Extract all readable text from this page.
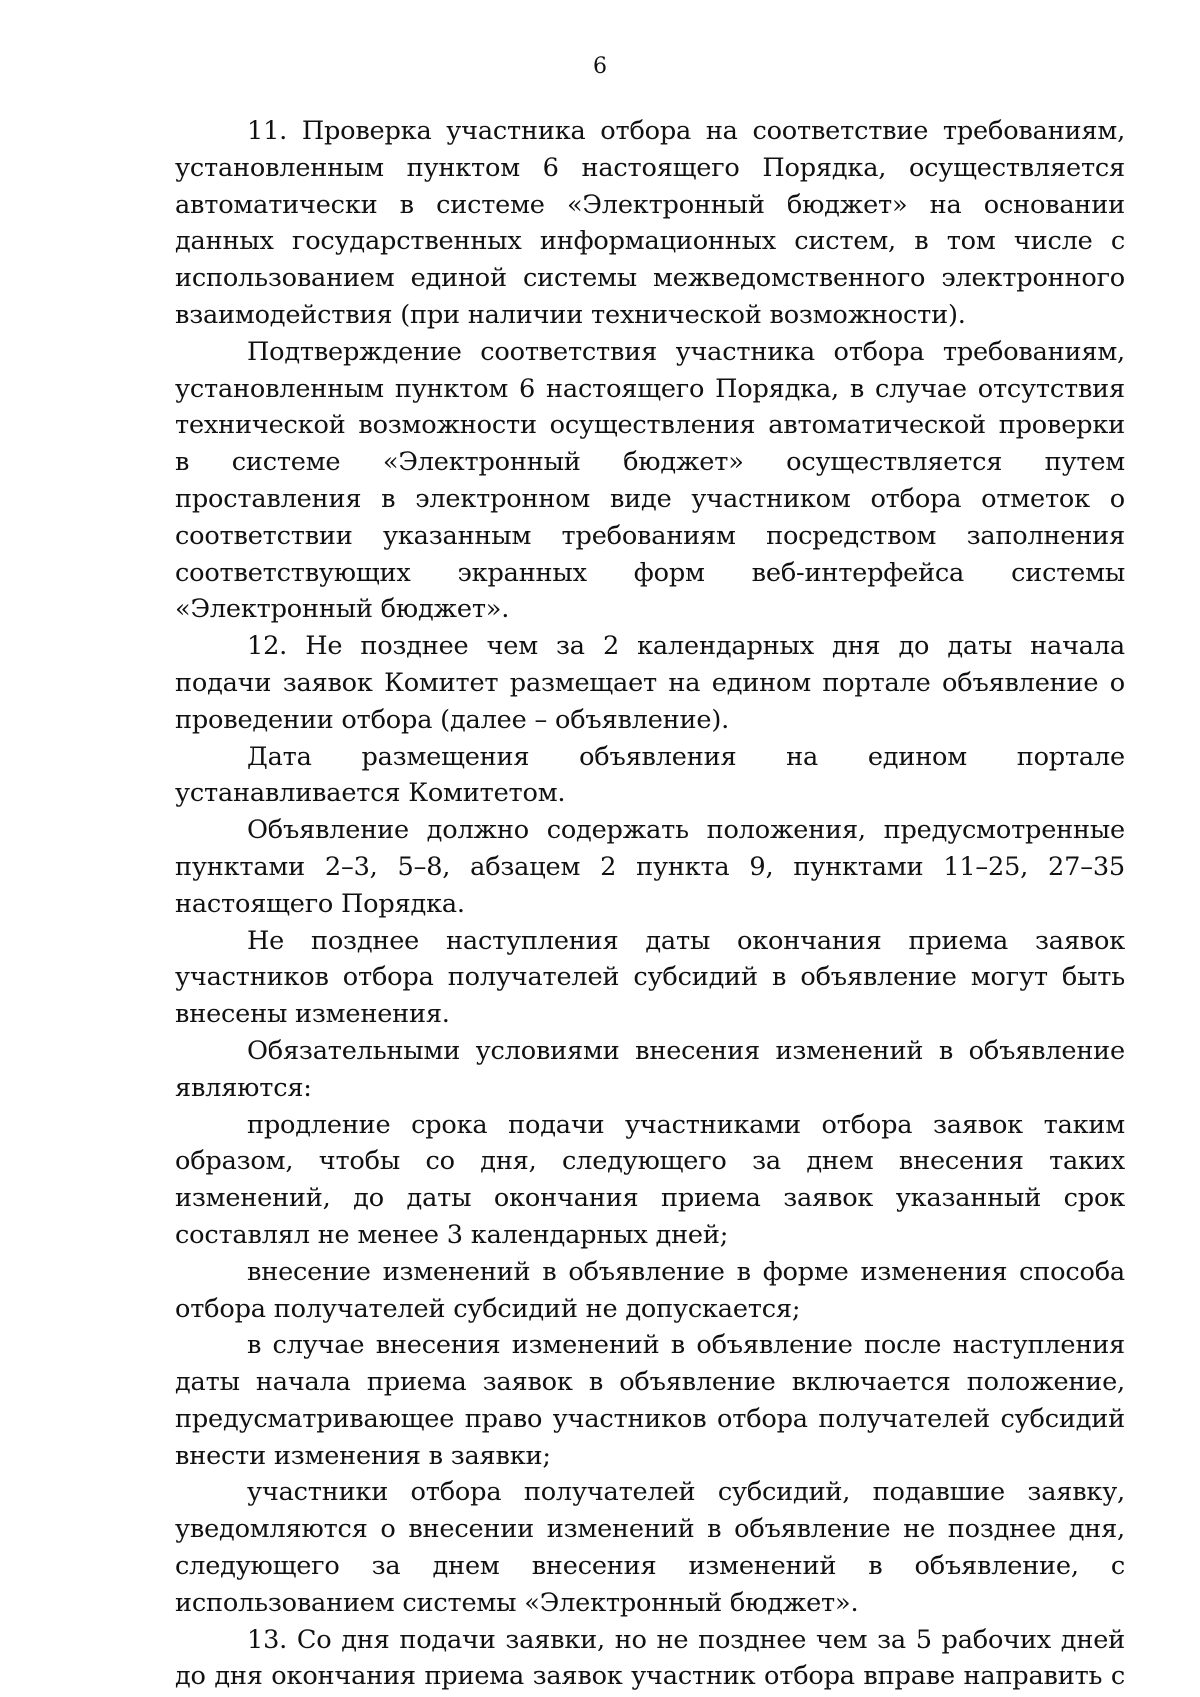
6

11. Проверка участника отбора на соответствие требованиям, установленным пунктом 6 настоящего Порядка, осуществляется автоматически в системе «Электронный бюджет» на основании данных государственных информационных систем, в том числе с использованием единой системы межведомственного электронного взаимодействия (при наличии технической возможности).

Подтверждение соответствия участника отбора требованиям, установленным пунктом 6 настоящего Порядка, в случае отсутствия технической возможности осуществления автоматической проверки в системе «Электронный бюджет» осуществляется путем проставления в электронном виде участником отбора отметок о соответствии указанным требованиям посредством заполнения соответствующих экранных форм веб-интерфейса системы «Электронный бюджет».

12. Не позднее чем за 2 календарных дня до даты начала подачи заявок Комитет размещает на едином портале объявление о проведении отбора (далее – объявление).

Дата размещения объявления на едином портале устанавливается Комитетом.

Объявление должно содержать положения, предусмотренные пунктами 2–3, 5–8, абзацем 2 пункта 9, пунктами 11–25, 27–35 настоящего Порядка.

Не позднее наступления даты окончания приема заявок участников отбора получателей субсидий в объявление могут быть внесены изменения.

Обязательными условиями внесения изменений в объявление являются:

продление срока подачи участниками отбора заявок таким образом, чтобы со дня, следующего за днем внесения таких изменений, до даты окончания приема заявок указанный срок составлял не менее 3 календарных дней;

внесение изменений в объявление в форме изменения способа отбора получателей субсидий не допускается;

в случае внесения изменений в объявление после наступления даты начала приема заявок в объявление включается положение, предусматривающее право участников отбора получателей субсидий внести изменения в заявки;

участники отбора получателей субсидий, подавшие заявку, уведомляются о внесении изменений в объявление не позднее дня, следующего за днем внесения изменений в объявление, с использованием системы «Электронный бюджет».

13. Со дня подачи заявки, но не позднее чем за 5 рабочих дней до дня окончания приема заявок участник отбора вправе направить с
